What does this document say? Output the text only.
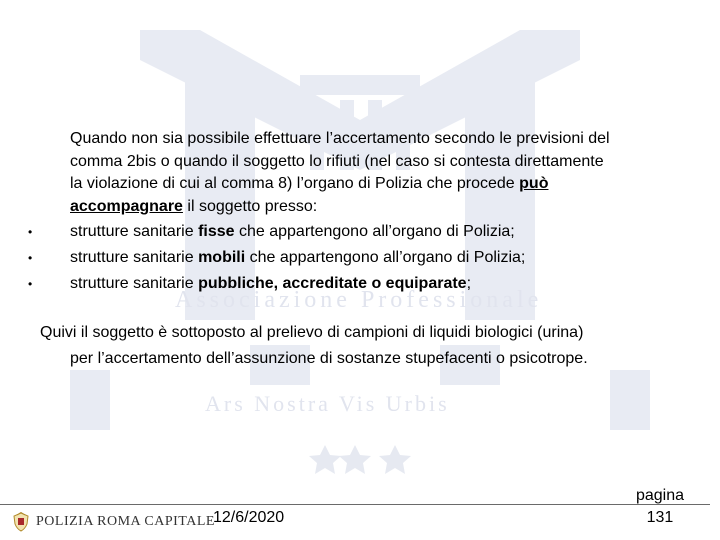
Associazione Professionale
Ars Nostra Vis Urbis
Quando non sia possibile effettuare l’accertamento secondo le previsioni del
comma 2bis o quando il soggetto lo rifiuti (nel caso si contesta direttamente
la violazione di cui al comma 8) l’organo di Polizia che procede può
accompagnare il soggetto presso:
• strutture sanitarie fisse che appartengono all’organo di Polizia;
• strutture sanitarie mobili che appartengono all’organo di Polizia;
• strutture sanitarie pubbliche, accreditate o equiparate;
Quivi il soggetto è sottoposto al prelievo di campioni di liquidi biologici (urina)
per l’accertamento dell’assunzione di sostanze stupefacenti o psicotrope.
POLIZIA ROMA CAPITALE
12/6/2020
pagina
131
